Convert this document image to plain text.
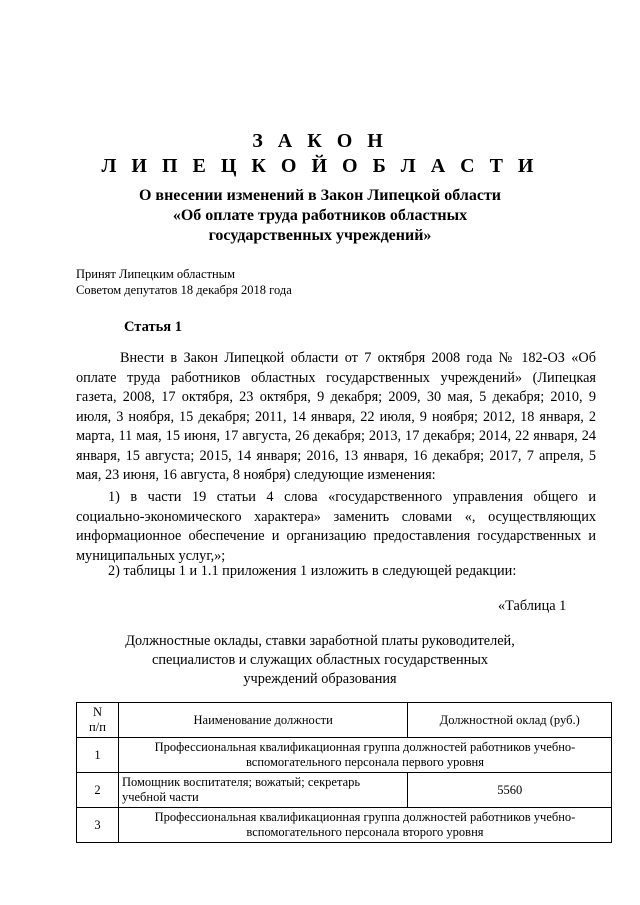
З А К О Н
Л И П Е Ц К О Й О Б Л А С Т И
О внесении изменений в Закон Липецкой области
«Об оплате труда работников областных
государственных учреждений»
Принят Липецким областным
Советом депутатов 18 декабря 2018 года
Статья 1

Внести в Закон Липецкой области от 7 октября 2008 года № 182-ОЗ «Об оплате труда работников областных государственных учреждений» (Липецкая газета, 2008, 17 октября, 23 октября, 9 декабря; 2009, 30 мая, 5 декабря; 2010, 9 июля, 3 ноября, 15 декабря; 2011, 14 января, 22 июля, 9 ноября; 2012, 18 января, 2 марта, 11 мая, 15 июня, 17 августа, 26 декабря; 2013, 17 декабря; 2014, 22 января, 24 января, 15 августа; 2015, 14 января; 2016, 13 января, 16 декабря; 2017, 7 апреля, 5 мая, 23 июня, 16 августа, 8 ноября) следующие изменения:

1) в части 19 статьи 4 слова «государственного управления общего и социально-экономического характера» заменить словами «, осуществляющих информационное обеспечение и организацию предоставления государственных и муниципальных услуг,»;

2) таблицы 1 и 1.1 приложения 1 изложить в следующей редакции:

«Таблица 1
Должностные оклады, ставки заработной платы руководителей,
специалистов и служащих областных государственных
учреждений образования
N
п/п	Наименование должности	Должностной оклад (руб.)
1	Профессиональная квалификационная группа должностей работников учебно-вспомогательного персонала первого уровня	
2	Помощник воспитателя; вожатый; секретарь учебной части	5560
3	Профессиональная квалификационная группа должностей работников учебно-вспомогательного персонала второго уровня	
